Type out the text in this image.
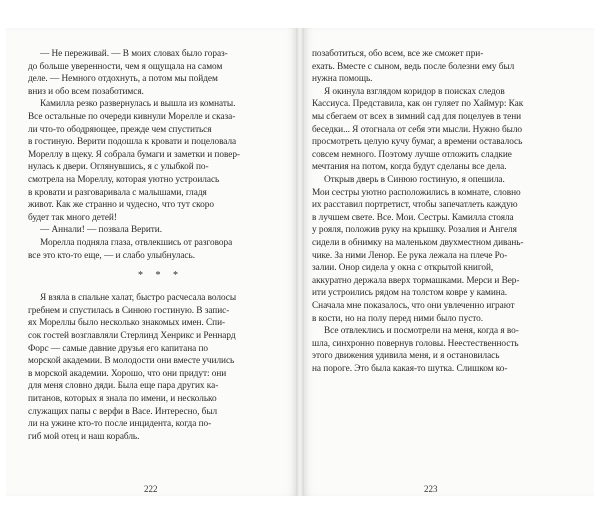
— Не переживай. — В моих словах было гораз-
до больше уверенности, чем я ощущала на самом
деле. — Немного отдохнуть, а потом мы пойдем
вниз и обо всем позаботимся.
Камилла резко развернулась и вышла из комнаты.
Все остальные по очереди кивнули Морелле и сказа-
ли что-то ободряющее, прежде чем спуститься
в гостиную. Верити подошла к кровати и поцеловала
Мореллу в щеку. Я собрала бумаги и заметки и повер-
нулась к двери. Оглянувшись, я с улыбкой по-
смотрела на Мореллу, которая уютно устроилась
в кровати и разговаривала с малышами, гладя
живот. Как же странно и чудесно, что тут скоро
будет так много детей!
— Аннали! — позвала Верити.
Морелла подняла глаза, отвлекшись от разговора
все это кто-то еще, — и слабо улыбнулась.
* * *
Я взяла в спальне халат, быстро расчесала волосы
гребнем и спустилась в Синюю гостиную. В запис-
ях Мореллы было несколько знакомых имен. Спи-
сок гостей возглавляли Стерлинд Хенрикс и Реннард
Форс — самые давние друзья его капитана по
морской академии. В молодости они вместе учились
в морской академии. Хорошо, что они придут: они
для меня словно дяди. Была еще пара других ка-
питанов, которых я знала по имени, и несколько
служащих папы с верфи в Васе. Интересно, был
ли на ужине кто-то после инцидента, когда по-
гиб мой отец и наш корабль.
222
позаботиться, обо всем, все же сможет при-
ехать. Вместе с сыном, ведь после болезни ему был
нужна помощь.
Я окинула взглядом коридор в поисках следов
Кассиуса. Представила, как он гуляет по Хаймур: Как
мы сбегаем от всех в зимний сад для поцелуев в тени
беседки... Я отогнала от себя эти мысли. Нужно было
просмотреть целую кучу бумаг, а времени оставалось
совсем немного. Поэтому лучше отложить сладкие
мечтания на потом, когда будут сделаны все дела.
Открыв дверь в Синюю гостиную, я опешила.
Мои сестры уютно расположились в комнате, словно
их расставил портретист, чтобы запечатлеть каждую
в лучшем свете. Все. Мои. Сестры. Камилла стояла
у рояля, положив руку на крышку. Розалия и Ангеля
сидели в обнимку на маленьком двухместном дивань-
чике. За ними Ленор. Ее рука лежала на плече Ро-
залии. Онор сидела у окна с открытой книгой,
аккуратно держала вверх тормашками. Мерси и Вер-
ити устроились рядом на толстом ковре у камина.
Сначала мне показалось, что они увлеченно играют
в кости, но на полу перед ними было пусто.
Все отвлеклись и посмотрели на меня, когда я во-
шла, синхронно повернув головы. Неестественность
этого движения удивила меня, и я остановилась
на пороге. Это была какая-то шутка. Слишком ко-
223
